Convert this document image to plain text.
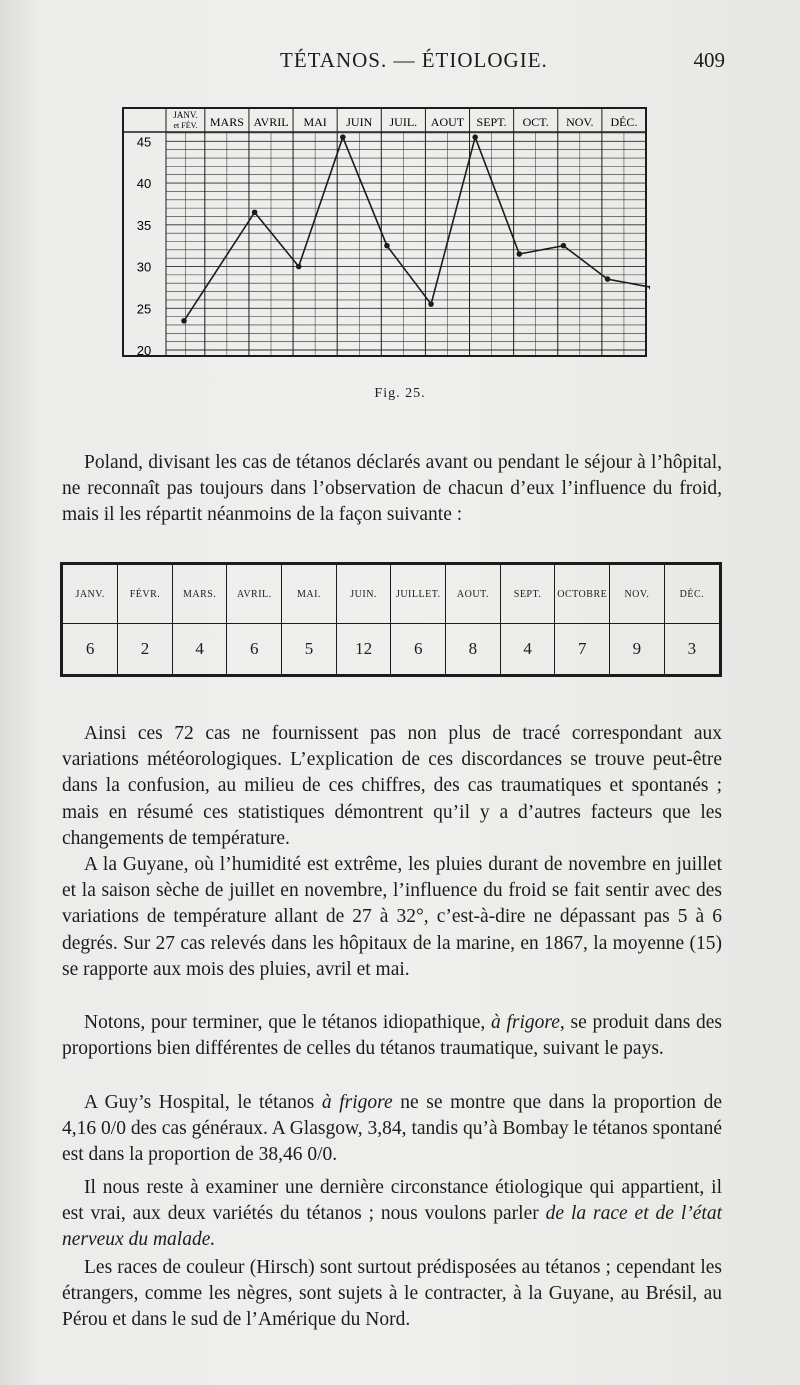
TÉTANOS. — ÉTIOLOGIE.	409
JANV.
et FÉV. MARS AVRIL MAI JUIN JUIL. AOUT SEPT. OCT. NOV. DÉC.
45
40
35
30
25
20
Fig. 25.

Poland, divisant les cas de tétanos déclarés avant ou pendant le séjour à l’hôpital, ne reconnaît pas toujours dans l’observation de chacun d’eux l’influence du froid, mais il les répartit néanmoins de la façon suivante :

JANV.	FÉVR.	MARS.	AVRIL.	MAI.	JUIN.	JUILLET.	AOUT.	SEPT.	OCTOBRE	NOV.	DÉC.
6	2	4	6	5	12	6	8	4	7	9	3

Ainsi ces 72 cas ne fournissent pas non plus de tracé correspondant aux variations météorologiques. L’explication de ces discordances se trouve peut-être dans la confusion, au milieu de ces chiffres, des cas traumatiques et spontanés ; mais en résumé ces statistiques démontrent qu’il y a d’autres facteurs que les changements de température.

A la Guyane, où l’humidité est extrême, les pluies durant de novembre en juillet et la saison sèche de juillet en novembre, l’influence du froid se fait sentir avec des variations de température allant de 27 à 32°, c’est-à-dire ne dépassant pas 5 à 6 degrés. Sur 27 cas relevés dans les hôpitaux de la marine, en 1867, la moyenne (15) se rapporte aux mois des pluies, avril et mai.

Notons, pour terminer, que le tétanos idiopathique, à frigore, se produit dans des proportions bien différentes de celles du tétanos traumatique, suivant le pays.

A Guy’s Hospital, le tétanos à frigore ne se montre que dans la proportion de 4,16 0/0 des cas généraux. A Glasgow, 3,84, tandis qu’à Bombay le tétanos spontané est dans la proportion de 38,46 0/0.

Il nous reste à examiner une dernière circonstance étiologique qui appartient, il est vrai, aux deux variétés du tétanos ; nous voulons parler de la race et de l’état nerveux du malade.

Les races de couleur (Hirsch) sont surtout prédisposées au tétanos ; cependant les étrangers, comme les nègres, sont sujets à le contracter, à la Guyane, au Brésil, au Pérou et dans le sud de l’Amérique du Nord.
